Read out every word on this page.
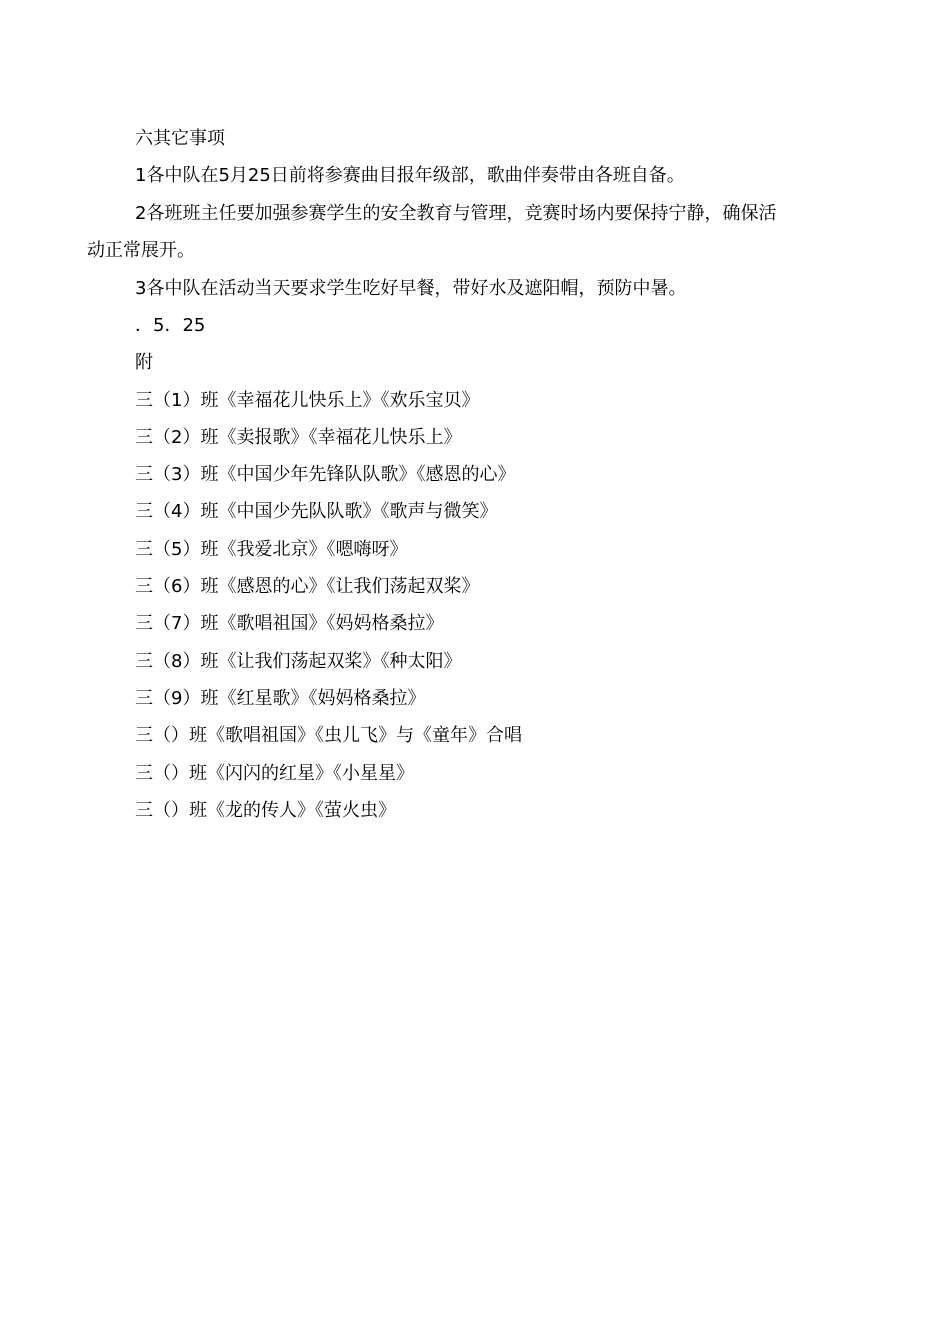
六其它事项
1各中队在5月25日前将参赛曲目报年级部，歌曲伴奏带由各班自备。
2各班班主任要加强参赛学生的安全教育与管理，竞赛时场内要保持宁静，确保活
动正常展开。
3各中队在活动当天要求学生吃好早餐，带好水及遮阳帽，预防中暑。
．5．25
附
三（1）班《幸福花儿快乐上》《欢乐宝贝》
三（2）班《卖报歌》《幸福花儿快乐上》
三（3）班《中国少年先锋队队歌》《感恩的心》
三（4）班《中国少先队队歌》《歌声与微笑》
三（5）班《我爱北京》《嗯嗨呀》
三（6）班《感恩的心》《让我们荡起双桨》
三（7）班《歌唱祖国》《妈妈格桑拉》
三（8）班《让我们荡起双桨》《种太阳》
三（9）班《红星歌》《妈妈格桑拉》
三（）班《歌唱祖国》《虫儿飞》与《童年》合唱
三（）班《闪闪的红星》《小星星》
三（）班《龙的传人》《萤火虫》
